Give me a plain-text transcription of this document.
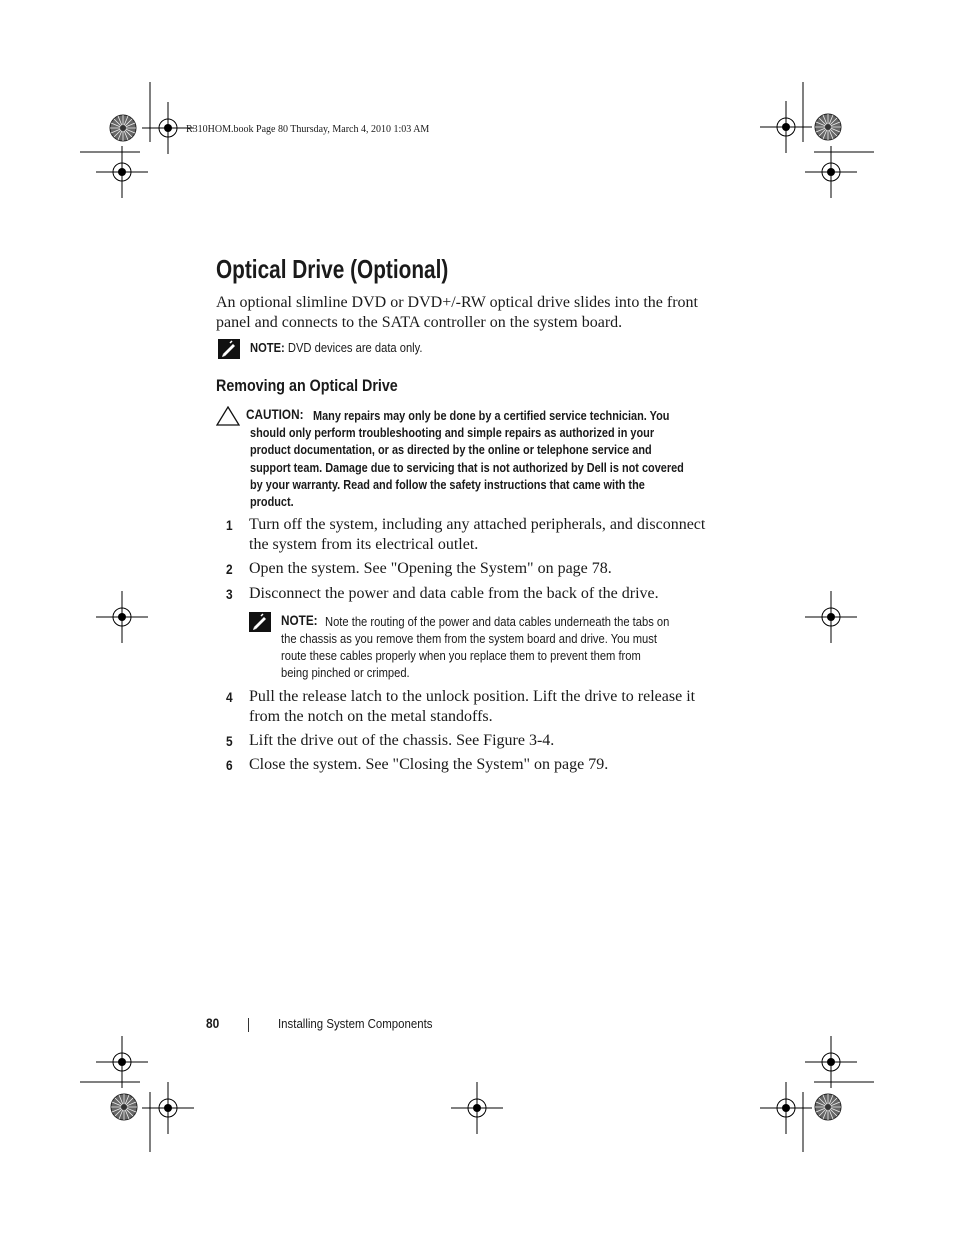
R310HOM.book Page 80 Thursday, March 4, 2010 1:03 AM
Optical Drive (Optional)
An optional slimline DVD or DVD+/-RW optical drive slides into the front panel and connects to the SATA controller on the system board.
NOTE: DVD devices are data only.
Removing an Optical Drive
CAUTION: Many repairs may only be done by a certified service technician. You
should only perform troubleshooting and simple repairs as authorized in your
product documentation, or as directed by the online or telephone service and
support team. Damage due to servicing that is not authorized by Dell is not covered
by your warranty. Read and follow the safety instructions that came with the
product.
1 Turn off the system, including any attached peripherals, and disconnect the system from its electrical outlet.
2 Open the system. See "Opening the System" on page 78.
3 Disconnect the power and data cable from the back of the drive.
NOTE: Note the routing of the power and data cables underneath the tabs on
the chassis as you remove them from the system board and drive. You must
route these cables properly when you replace them to prevent them from
being pinched or crimped.
4 Pull the release latch to the unlock position. Lift the drive to release it from the notch on the metal standoffs.
5 Lift the drive out of the chassis. See Figure 3-4.
6 Close the system. See "Closing the System" on page 79.
80	Installing System Components
